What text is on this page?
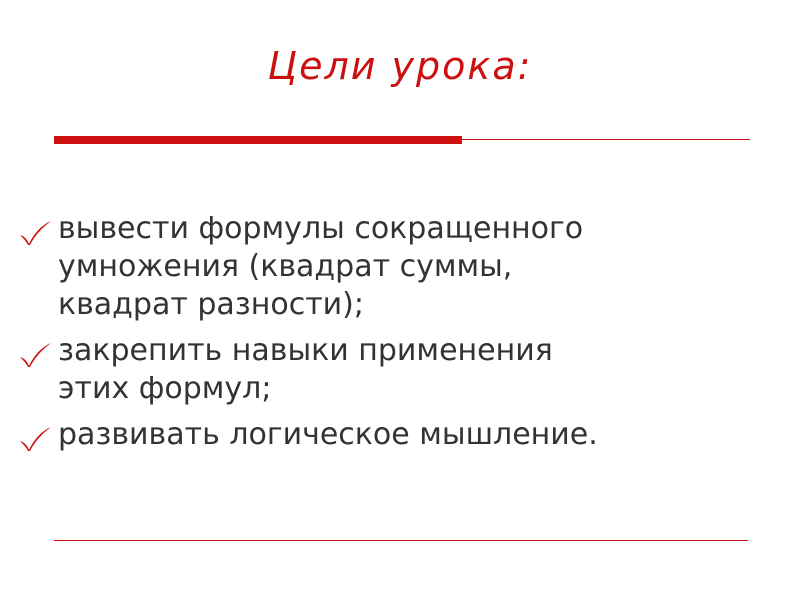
Цели урока:
вывести формулы сокращенного
умножения (квадрат суммы,
квадрат разности);
закрепить навыки применения
этих формул;
развивать логическое мышление.
